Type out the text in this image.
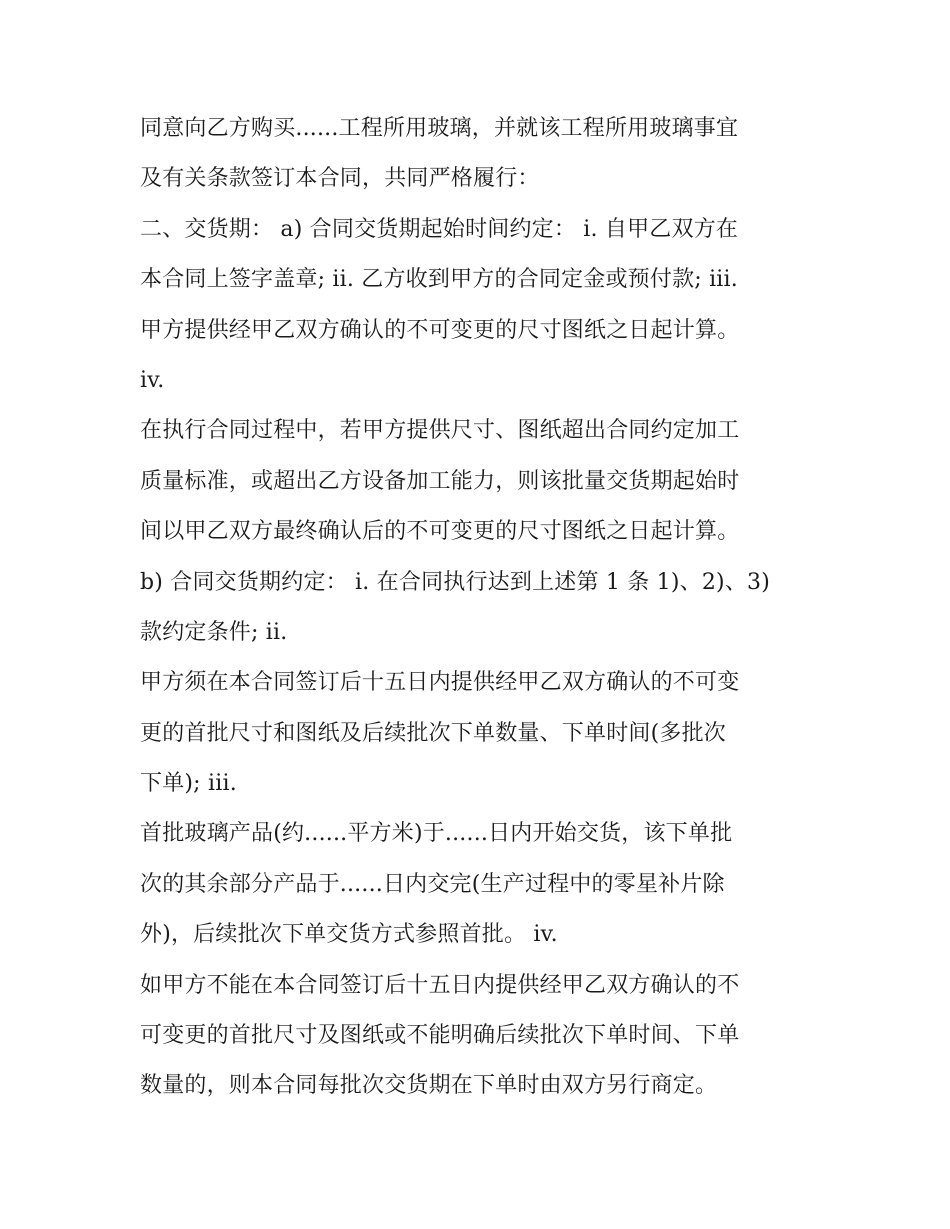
同意向乙方购买......工程所用玻璃，并就该工程所用玻璃事宜
及有关条款签订本合同，共同严格履行：
二、交货期： a) 合同交货期起始时间约定： i. 自甲乙双方在
本合同上签字盖章; ii. 乙方收到甲方的合同定金或预付款; iii.
甲方提供经甲乙双方确认的不可变更的尺寸图纸之日起计算。
iv.
在执行合同过程中，若甲方提供尺寸、图纸超出合同约定加工
质量标准，或超出乙方设备加工能力，则该批量交货期起始时
间以甲乙双方最终确认后的不可变更的尺寸图纸之日起计算。
b) 合同交货期约定： i. 在合同执行达到上述第 1 条 1)、2)、3)
款约定条件; ii.
甲方须在本合同签订后十五日内提供经甲乙双方确认的不可变
更的首批尺寸和图纸及后续批次下单数量、下单时间(多批次
下单); iii.
首批玻璃产品(约......平方米)于......日内开始交货，该下单批
次的其余部分产品于......日内交完(生产过程中的零星补片除
外)，后续批次下单交货方式参照首批。 iv.
如甲方不能在本合同签订后十五日内提供经甲乙双方确认的不
可变更的首批尺寸及图纸或不能明确后续批次下单时间、下单
数量的，则本合同每批次交货期在下单时由双方另行商定。
